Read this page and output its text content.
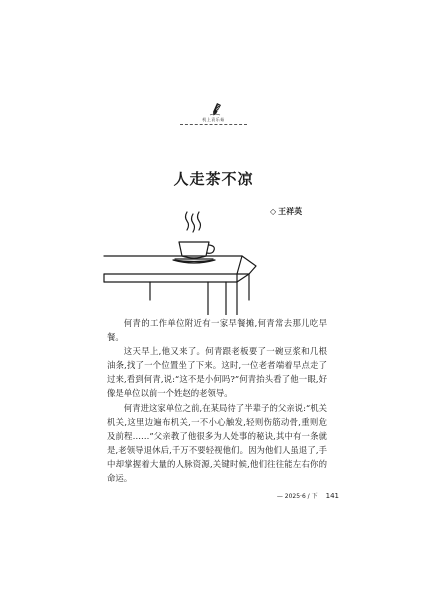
机上袁乐茹
人走茶不凉
◇ 王祥英

何青的工作单位附近有一家早餐摊,何青常去那儿吃早餐。

这天早上,他又来了。何青跟老板要了一碗豆浆和几根油条,找了一个位置坐了下来。这时,一位老者端着早点走了过来,看到何青,说:“这不是小何吗?”何青抬头看了他一眼,好像是单位以前一个姓赵的老领导。

何青进这家单位之前,在某局待了半辈子的父亲说:“机关机关,这里边遍布机关,一不小心触发,轻则伤筋动骨,重则危及前程……”父亲教了他很多为人处事的秘诀,其中有一条就是,老领导退休后,千万不要轻视他们。因为他们人虽退了,手中却掌握着大量的人脉资源,关键时候,他们往往能左右你的命运。

— 2025·6 / 下 141
